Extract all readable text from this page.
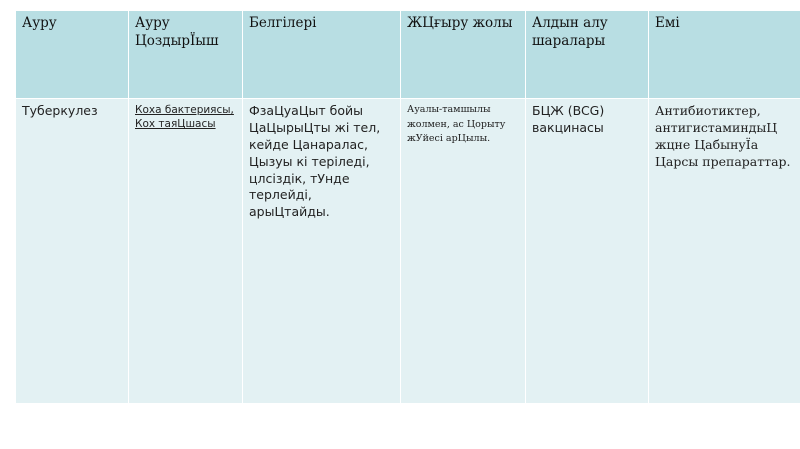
Ауру	Ауру ЦоздырЇыш	Белгілері	ЖЦғыру жолы	Алдын алу шаралары	Емі
Туберкулез	Коха бактериясы, Кох таяЦшасы	ФзаЦуаЦыт бойы ЦаЦырыЦты жі тел, кейде Цанаралас, Цызуы кі теріледі, цлсіздік, тУнде терлейді, арыЦтайды.	Ауалы-тамшылы жолмен, ас Цорыту жУйесі арЦылы.	БЦЖ (BCG) вакцинасы	Антибиотиктер, антигистаминдыЦ жцне ЦабынуЇа Царсы препараттар.
